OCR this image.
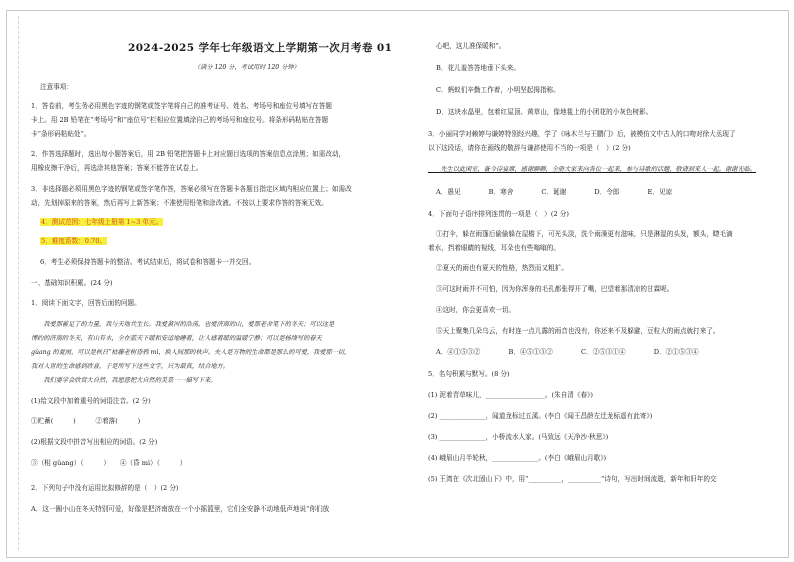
2024-2025 学年七年级语文上学期第一次月考卷 01
（满分 120 分，考试用时 120 分钟）
注意事项：
1．答卷前，考生务必用黑色字迹的钢笔或签字笔将自己的准考证号、姓名、考场号和座位号填写在答题
卡上。用 2B 铅笔在“考场号”和“座位号”栏相应位置填涂自己的考场号和座位号。将条形码粘贴在答题
卡“条形码粘贴处”。
2．作答选择题时，选出每小题答案后，用 2B 铅笔把答题卡上对应题目选项的答案信息点涂黑；如需改动，
用橡皮擦干净后，再选涂其他答案；答案不能答在试卷上。
3．非选择题必须用黑色字迹的钢笔或签字笔作答，答案必须写在答题卡各题目指定区域内相应位置上；如需改
动，先划掉原来的答案，然后再写上新答案；不准使用铅笔和涂改液。不按以上要求作答的答案无效。
4．测试范围：七年级上册第 1~3 单元。
5．难度系数：0.70。
6．考生必须保持答题卡的整洁。考试结束后，将试卷和答题卡一并交回。
一、基础知识积累。(24 分)
1．阅读下面文字，回答后面的问题。
　　我爱那蓄足了的力量，我与天地共生长。我爱黄河的浩荡，也爱济南的山，爱那老舍笔下的冬天；可以这是
博约的济南的冬天，有山有水，全在蓝天下暖和安适地睡着，让人感着暖的温暖宁静；可以是杨绛写的春天
gǔang 的夏雨，可以是秋日“枯藤老树昏鸦 mì，换人间那的秋声。夫人是万物的生命都是那么的可爱，我爱那一切，
我对人世的生命感到欣喜，于是所写下这些文字，只为最真，结合地方。
　　我们要学会欣赏大自然，我愿意把大自然的美景一一描写下来。
(1)给文段中加着重号的词语注音。(2 分)
①贮蓄(　　　)　　　②着落(　　　)
(2)根据文段中拼音写出相应的词语。(2 分)
③（相 gǔang）（　　　）　　④（昏 mì）（　　　）
2．下列句子中没有运用比拟修辞的是（　）(2 分)
A．这一圈小山在冬天特别可爱，好像是把济南放在一个小摇篮里，它们全安静不动地低声地说“你们放
心吧，这儿准保暖和”。
B．花儿羞答答地垂下头来。
C．蚂蚁们辛勤工作着，小明坚起拇指称。
D．这块水晶里，包着红屋顶、黄草山，像地毯上的小团花的小灰色树影。
3．小丽同学对赖婷与谦婷特别经兴趣，学了《咏木兰与王鹏门》后，被模仿文中古人的口吻对徐大丞现了
以下这段话，请你在画线的敬辞与谦辞使用不当的一项是（　）(2 分)
　　先生以此闲室，备今诗宴席，感谢聊聊，全册大家来向各位一起来，参与诗歌的话题，敬请到来人一起。谢谢光临。
A．愚见	B．寒舍	C．诞谢	D．令郎	E．见谅
4．下面句子语序排列连贯的一项是（　）(2 分)
①打伞，躲在雨篷后偷偷躲在屋檐下，可光头淡，洗个雨澡更有滋味，只是淋湿的头发，额头，睫毛滴
着水，挡着眼睛的视线，耳朵也有些嗡嗡的。
②夏天的雨也有夏天的性格，热烈而又粗犷。
③可这时雨并不可怕，因为你浑身的毛孔都张得开了嘴，巴望着那清凉的甘霖呢。
④这时，你会更喜欢一切。
⑤天上聚集几朵乌云，有时连一点儿露的雨音也没有，你还来不及躲避，豆粒大的雨点就打来了。
A．④①⑤③②	B．④⑤①③②	C．②⑤③①④	D．②①⑤③④
5．名句积累与默写。(8 分)
(1) 泥着青草味儿，__________________。(朱自清《春》)
(2) ______________，闻道龙标过五溪。(李白《闻王昌龄左迁龙标遥有此寄》)
(3) ______________，小桥流水人家。(马致远《天净沙·秋思》)
(4) 峨眉山月半轮秋，______________。(李白《峨眉山月歌》)
(5) 王湾在《次北固山下》中，用“__________，__________”诗句，写出时间流逝，新年和旧年的交
